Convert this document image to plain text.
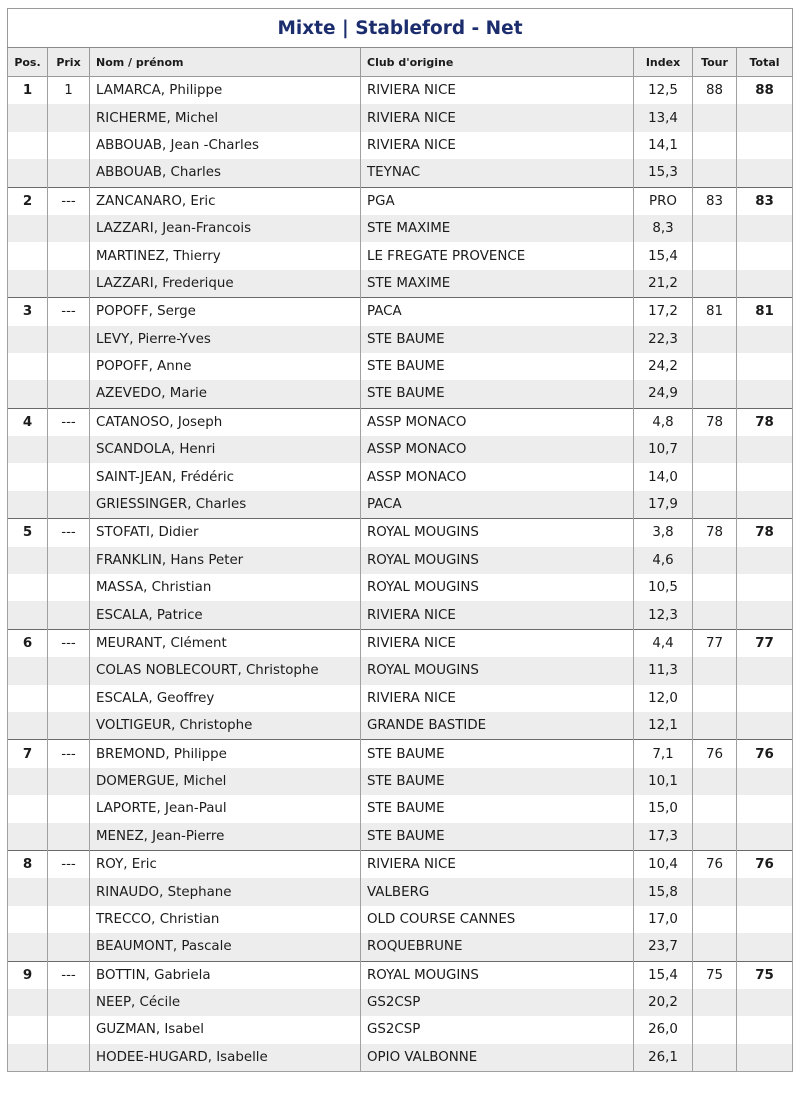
Mixte | Stableford - Net						
Pos.	Prix	Nom / prénom	Club d'origine	Index	Tour	Total
1	1	LAMARCA, Philippe	RIVIERA NICE	12,5	88	88
		RICHERME, Michel	RIVIERA NICE	13,4		
		ABBOUAB, Jean -Charles	RIVIERA NICE	14,1		
		ABBOUAB, Charles	TEYNAC	15,3		
2	---	ZANCANARO, Eric	PGA	PRO	83	83
		LAZZARI, Jean-Francois	STE MAXIME	8,3		
		MARTINEZ, Thierry	LE FREGATE PROVENCE	15,4		
		LAZZARI, Frederique	STE MAXIME	21,2		
3	---	POPOFF, Serge	PACA	17,2	81	81
		LEVY, Pierre-Yves	STE BAUME	22,3		
		POPOFF, Anne	STE BAUME	24,2		
		AZEVEDO, Marie	STE BAUME	24,9		
4	---	CATANOSO, Joseph	ASSP MONACO	4,8	78	78
		SCANDOLA, Henri	ASSP MONACO	10,7		
		SAINT-JEAN, Frédéric	ASSP MONACO	14,0		
		GRIESSINGER, Charles	PACA	17,9		
5	---	STOFATI, Didier	ROYAL MOUGINS	3,8	78	78
		FRANKLIN, Hans Peter	ROYAL MOUGINS	4,6		
		MASSA, Christian	ROYAL MOUGINS	10,5		
		ESCALA, Patrice	RIVIERA NICE	12,3		
6	---	MEURANT, Clément	RIVIERA NICE	4,4	77	77
		COLAS NOBLECOURT, Christophe	ROYAL MOUGINS	11,3		
		ESCALA, Geoffrey	RIVIERA NICE	12,0		
		VOLTIGEUR, Christophe	GRANDE BASTIDE	12,1		
7	---	BREMOND, Philippe	STE BAUME	7,1	76	76
		DOMERGUE, Michel	STE BAUME	10,1		
		LAPORTE, Jean-Paul	STE BAUME	15,0		
		MENEZ, Jean-Pierre	STE BAUME	17,3		
8	---	ROY, Eric	RIVIERA NICE	10,4	76	76
		RINAUDO, Stephane	VALBERG	15,8		
		TRECCO, Christian	OLD COURSE CANNES	17,0		
		BEAUMONT, Pascale	ROQUEBRUNE	23,7		
9	---	BOTTIN, Gabriela	ROYAL MOUGINS	15,4	75	75
		NEEP, Cécile	GS2CSP	20,2		
		GUZMAN, Isabel	GS2CSP	26,0		
		HODEE-HUGARD, Isabelle	OPIO VALBONNE	26,1		
